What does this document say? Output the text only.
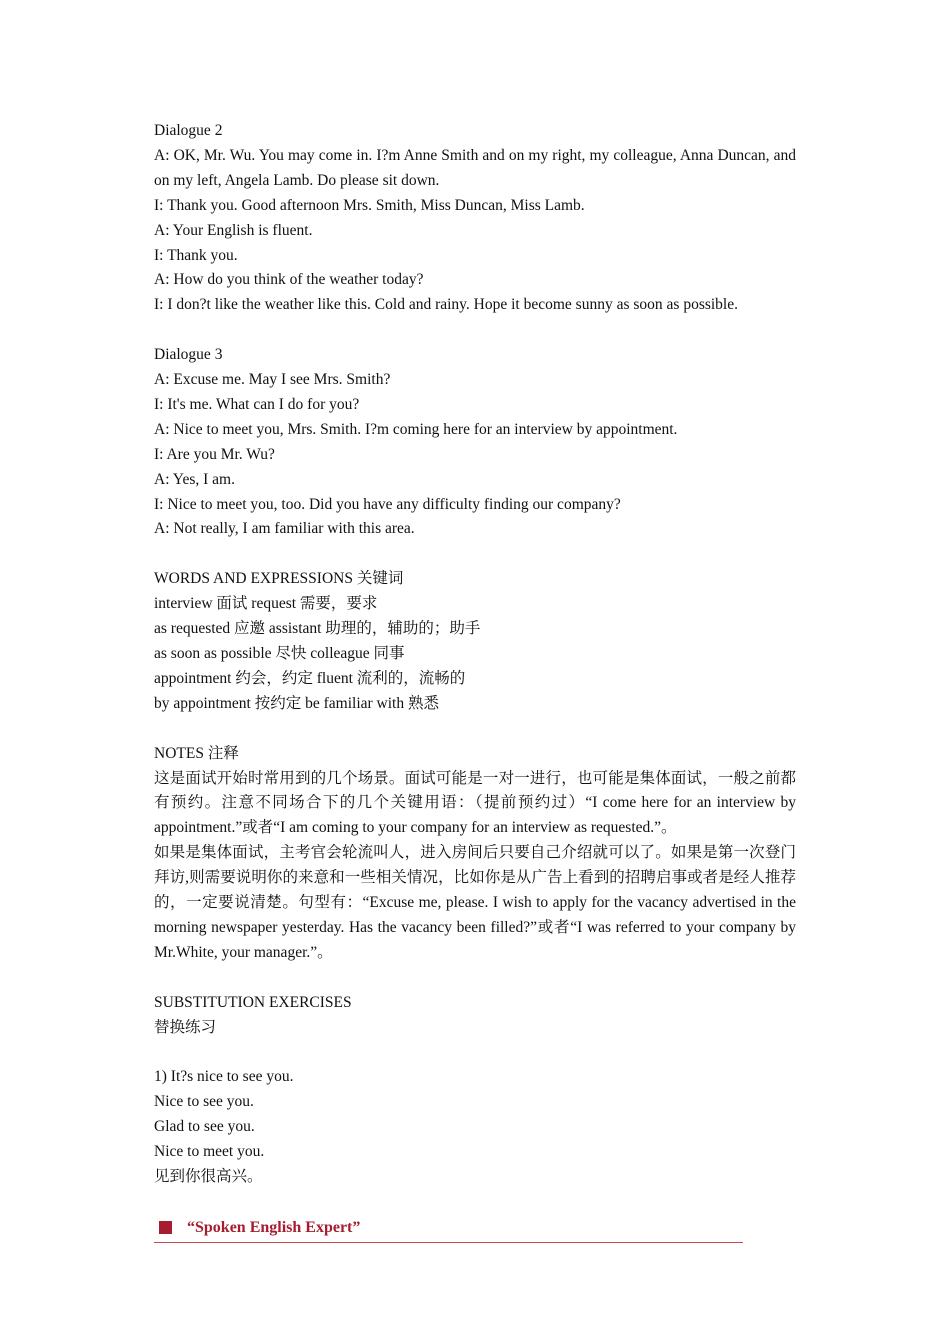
Dialogue 2
A: OK, Mr. Wu. You may come in. I?m Anne Smith and on my right, my colleague, Anna Duncan, and on my left, Angela Lamb. Do please sit down.
I: Thank you. Good afternoon Mrs. Smith, Miss Duncan, Miss Lamb.
A: Your English is fluent.
I: Thank you.
A: How do you think of the weather today?
I: I don?t like the weather like this. Cold and rainy. Hope it become sunny as soon as possible.
Dialogue 3
A: Excuse me. May I see Mrs. Smith?
I: It's me. What can I do for you?
A: Nice to meet you, Mrs. Smith. I?m coming here for an interview by appointment.
I: Are you Mr. Wu?
A: Yes, I am.
I: Nice to meet you, too. Did you have any difficulty finding our company?
A: Not really, I am familiar with this area.
WORDS AND EXPRESSIONS 关键词
interview 面试 request 需要，要求
as requested 应邀 assistant 助理的，辅助的；助手
as soon as possible 尽快 colleague 同事
appointment 约会，约定 fluent 流利的，流畅的
by appointment 按约定 be familiar with 熟悉
NOTES 注释
这是面试开始时常用到的几个场景。面试可能是一对一进行，也可能是集体面试，一般之前都有预约。注意不同场合下的几个关键用语：（提前预约过）“I come here for an interview by appointment.”或者“I am coming to your company for an interview as requested.”。
如果是集体面试，主考官会轮流叫人，进入房间后只要自己介绍就可以了。如果是第一次登门拜访,则需要说明你的来意和一些相关情况，比如你是从广告上看到的招聘启事或者是经人推荐的，一定要说清楚。句型有：“Excuse me, please. I wish to apply for the vacancy advertised in the morning newspaper yesterday. Has the vacancy been filled?”或者“I was referred to your company by Mr.White, your manager.”。
SUBSTITUTION EXERCISES
替换练习
1) It?s nice to see you.
Nice to see you.
Glad to see you.
Nice to meet you.
见到你很高兴。
“Spoken English Expert”
